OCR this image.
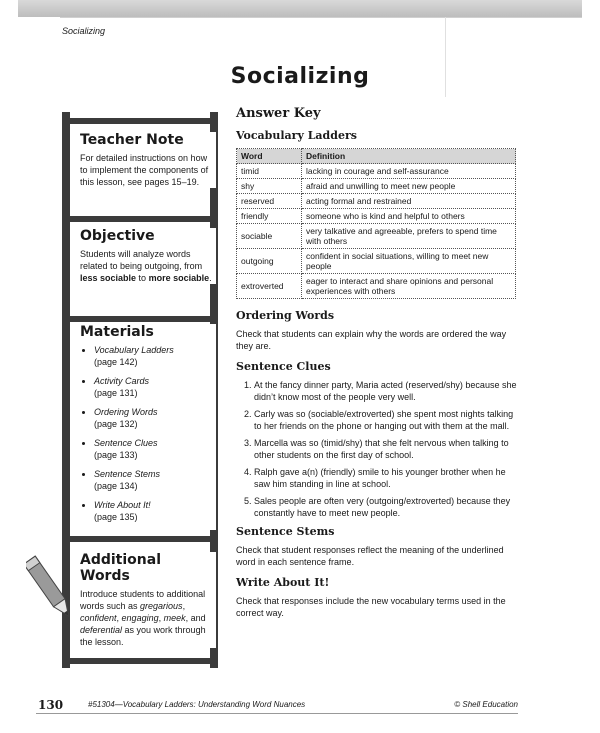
Socializing
Socializing
Teacher Note

For detailed instructions on how to implement the components of this lesson, see pages 15–19.

Objective

Students will analyze words related to being outgoing, from less sociable to more sociable.

Materials
• Vocabulary Ladders
(page 142)
• Activity Cards
(page 131)
• Ordering Words
(page 132)
• Sentence Clues
(page 133)
• Sentence Stems
(page 134)
• Write About It!
(page 135)
Additional Words

Introduce students to additional words such as gregarious, confident, engaging, meek, and deferential as you work through the lesson.

Answer Key
Vocabulary Ladders
Word	Definition
timid	lacking in courage and self-assurance
shy	afraid and unwilling to meet new people
reserved	acting formal and restrained
friendly	someone who is kind and helpful to others
sociable	very talkative and agreeable, prefers to spend time with others
outgoing	confident in social situations, willing to meet new people
extroverted	eager to interact and share opinions and personal experiences with others
Ordering Words

Check that students can explain why the words are ordered the way they are.

Sentence Clues
1. At the fancy dinner party, Maria acted (reserved/shy) because she didn’t know most of the people very well.
2. Carly was so (sociable/extroverted) she spent most nights talking to her friends on the phone or hanging out with them at the mall.
3. Marcella was so (timid/shy) that she felt nervous when talking to other students on the first day of school.
4. Ralph gave a(n) (friendly) smile to his younger brother when he saw him standing in line at school.
5. Sales people are often very (outgoing/extroverted) because they constantly have to meet new people.
Sentence Stems

Check that student responses reflect the meaning of the underlined word in each sentence frame.

Write About It!

Check that responses include the new vocabulary terms used in the correct way.

130	#51304—Vocabulary Ladders: Understanding Word Nuances	© Shell Education
